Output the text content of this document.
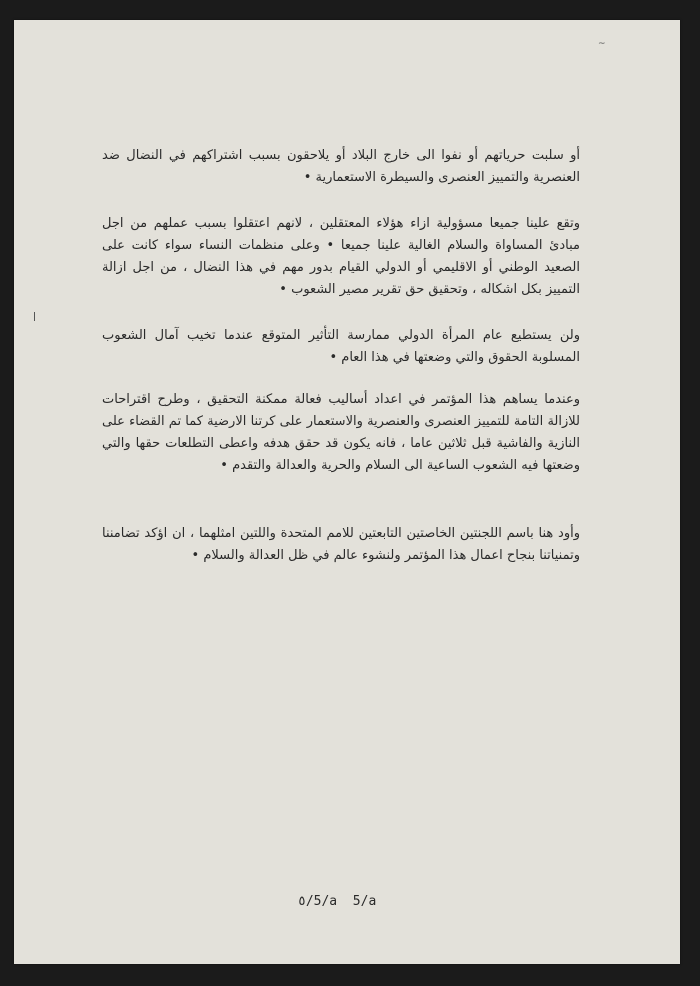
~

أو سلبت حرياتهم أو نفوا الى خارج البلاد أو يلاحقون بسبب اشتراكهم في النضال ضد العنصرية والتمييز العنصرى والسيطرة الاستعمارية •

وتقع علينا جميعا مسؤولية ازاء هؤلاء المعتقلين ، لانهم اعتقلوا بسبب عملهم من اجل مبادئ المساواة والسلام الغالية علينا جميعا • وعلى منظمات النساء سواء كانت على الصعيد الوطني أو الاقليمي أو الدولي القيام بدور مهم في هذا النضال ، من اجل ازالة التمييز بكل اشكاله ، وتحقيق حق تقرير مصير الشعوب •

ولن يستطيع عام المرأة الدولي ممارسة التأثير المتوقع عندما تخيب آمال الشعوب المسلوبة الحقوق والتي وضعتها في هذا العام •

وعندما يساهم هذا المؤتمر في اعداد أساليب فعالة ممكنة التحقيق ، وطرح اقتراحات للازالة التامة للتمييز العنصرى والعنصرية والاستعمار على كرتنا الارضية كما تم القضاء على النازية والفاشية قبل ثلاثين عاما ، فانه يكون قد حقق هدفه واعطى التطلعات حقها والتي وضعتها فيه الشعوب الساعية الى السلام والحرية والعدالة والتقدم •

وأود هنا باسم اللجنتين الخاصتين التابعتين للامم المتحدة واللتين امثلهما ، ان اؤكد تضامننا وتمنياتنا بنجاح اعمال هذا المؤتمر ولنشوء عالم في ظل العدالة والسلام •

٥/5/a  5/a
